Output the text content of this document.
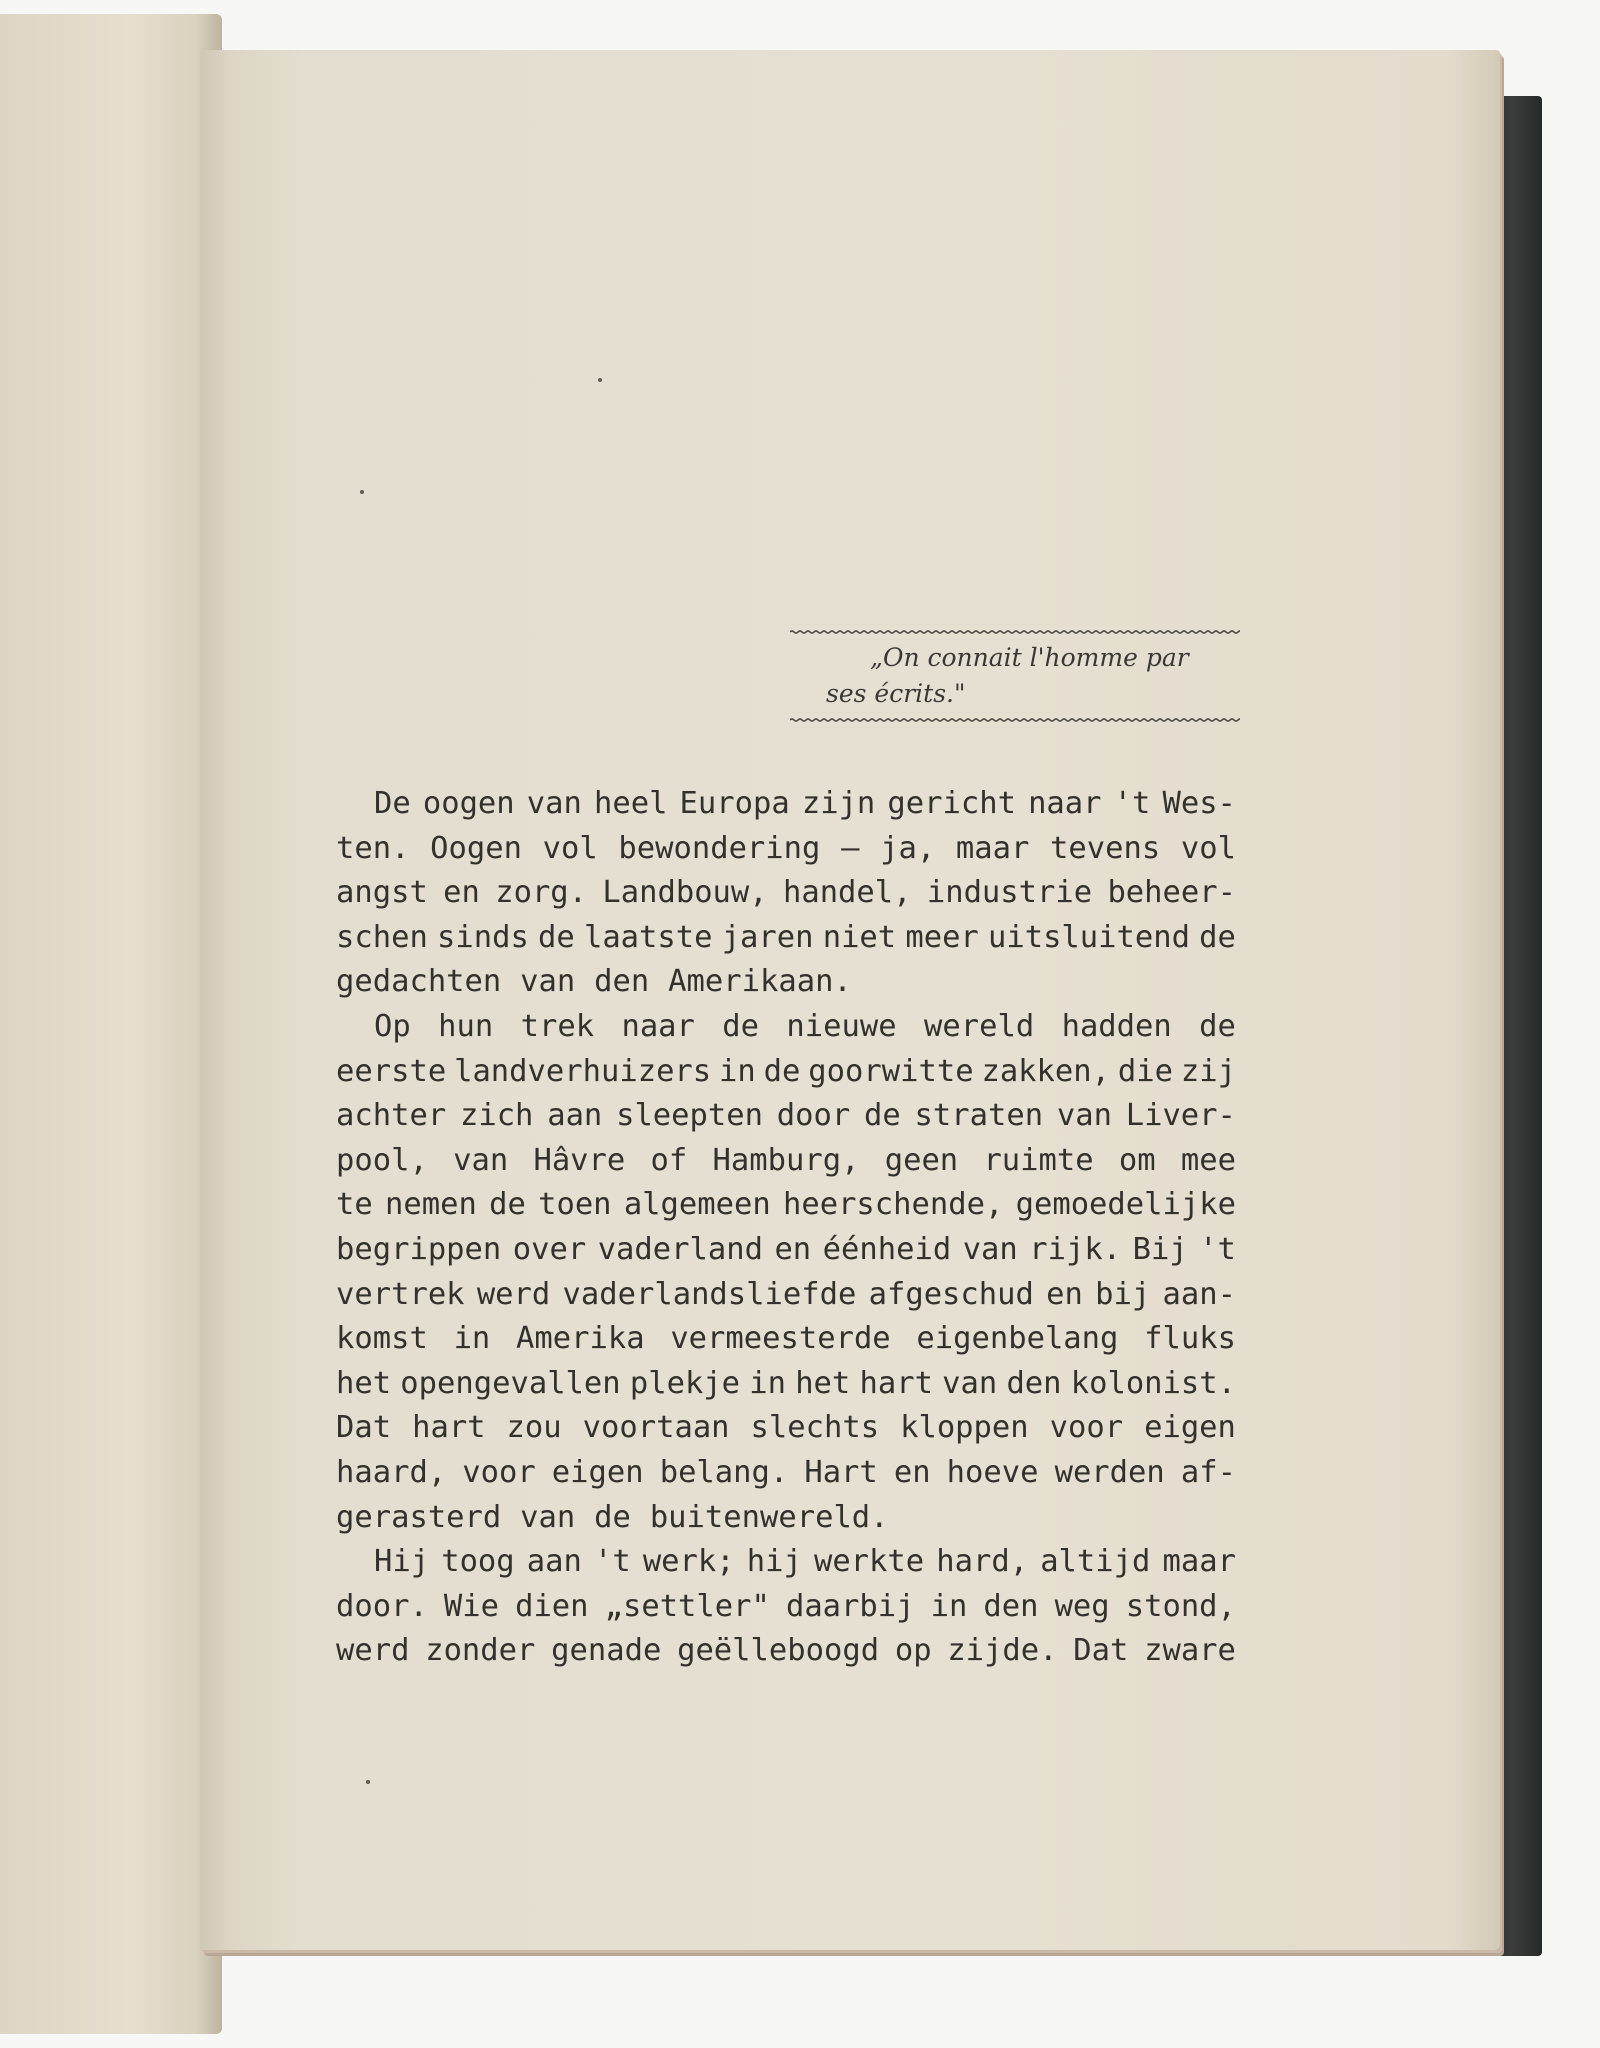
„On connait l'homme par
ses écrits."
De oogen van heel Europa zijn gericht naar 't Wes-
ten. Oogen vol bewondering — ja, maar tevens vol
angst en zorg. Landbouw, handel, industrie beheer-
schen sinds de laatste jaren niet meer uitsluitend de
gedachten van den Amerikaan.
Op hun trek naar de nieuwe wereld hadden de
eerste landverhuizers in de goorwitte zakken, die zij
achter zich aan sleepten door de straten van Liver-
pool, van Hâvre of Hamburg, geen ruimte om mee
te nemen de toen algemeen heerschende, gemoedelijke
begrippen over vaderland en éénheid van rijk. Bij 't
vertrek werd vaderlandsliefde afgeschud en bij aan-
komst in Amerika vermeesterde eigenbelang fluks
het opengevallen plekje in het hart van den kolonist.
Dat hart zou voortaan slechts kloppen voor eigen
haard, voor eigen belang. Hart en hoeve werden af-
gerasterd van de buitenwereld.
Hij toog aan 't werk; hij werkte hard, altijd maar
door. Wie dien „settler" daarbij in den weg stond,
werd zonder genade geëlleboogd op zijde. Dat zware
